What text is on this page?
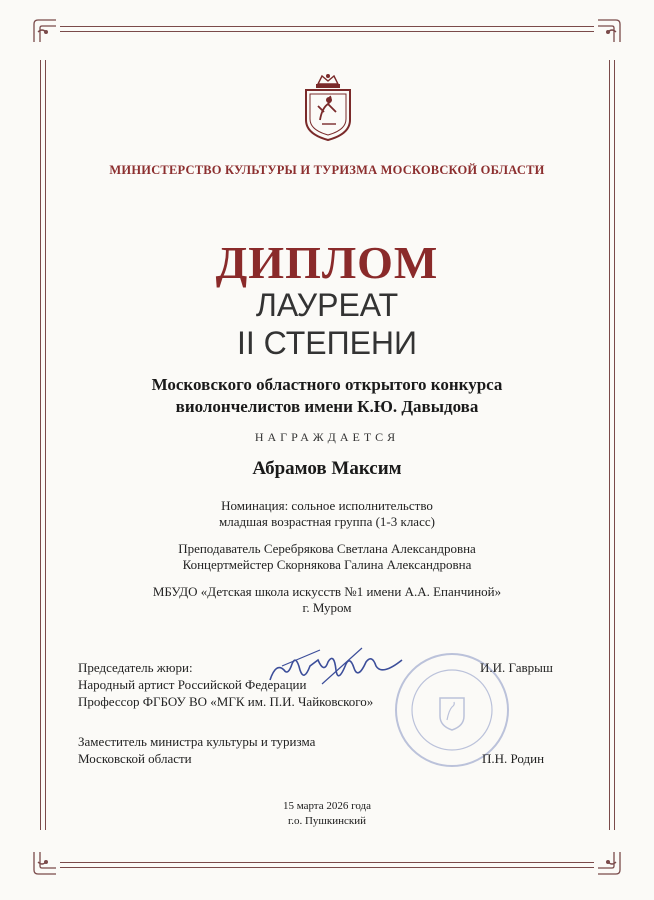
МИНИСТЕРСТВО КУЛЬТУРЫ И ТУРИЗМА МОСКОВСКОЙ ОБЛАСТИ
ДИПЛОМ
ЛАУРЕАТ
II СТЕПЕНИ
Московского областного открытого конкурса
виолончелистов имени К.Ю. Давыдова
НАГРАЖДАЕТСЯ
Абрамов Максим
Номинация: сольное исполнительство
младшая возрастная группа (1-3 класс)
Преподаватель Серебрякова Светлана Александровна
Концертмейстер Скорнякова Галина Александровна
МБУДО «Детская школа искусств №1 имени А.А. Епанчиной»
г. Муром
Председатель жюри:
Народный артист Российской Федерации
Профессор ФГБОУ ВО «МГК им. П.И. Чайковского»
И.И. Гаврыш
Заместитель министра культуры и туризма
Московской области	П.Н. Родин
15 марта 2026 года
г.о. Пушкинский
